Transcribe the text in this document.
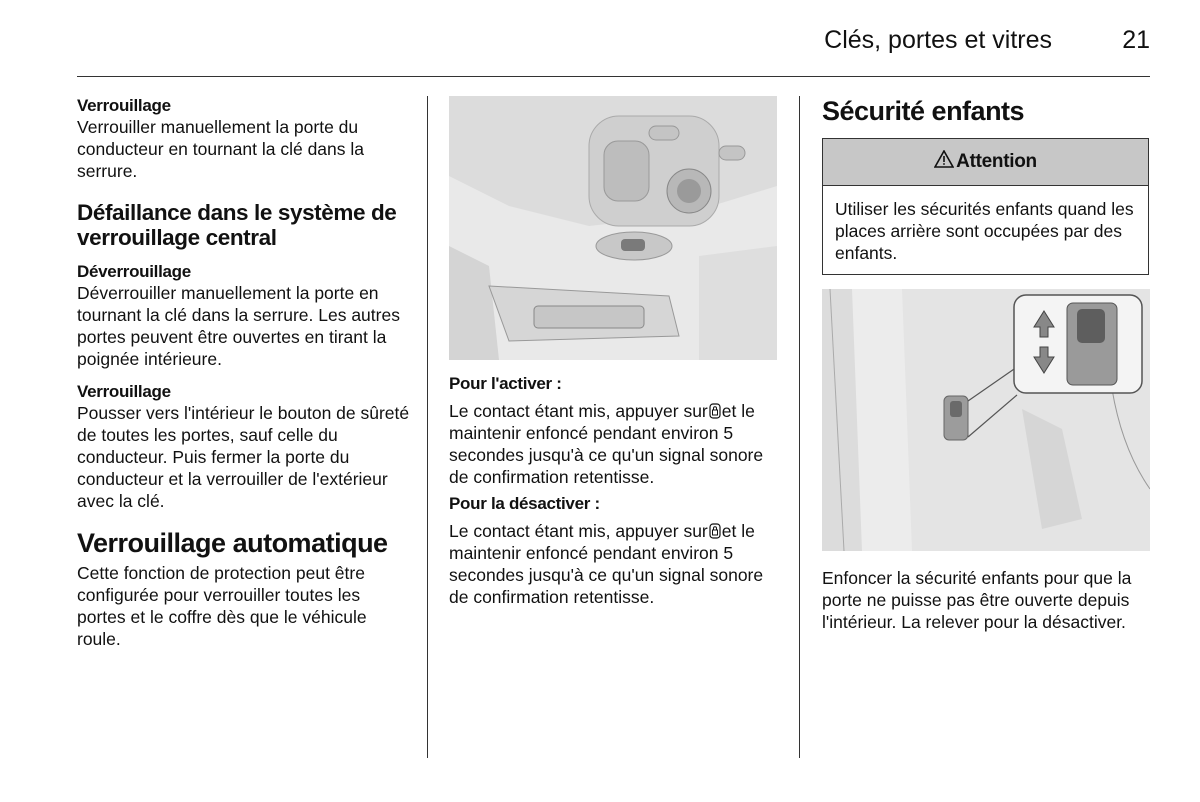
Clés, portes et vitres	21

Verrouillage

Verrouiller manuellement la porte du conducteur en tournant la clé dans la serrure.

Défaillance dans le système de verrouillage central

Déverrouillage

Déverrouiller manuellement la porte en tournant la clé dans la serrure. Les autres portes peuvent être ouvertes en tirant la poignée intérieure.

Verrouillage

Pousser vers l'intérieur le bouton de sûreté de toutes les portes, sauf celle du conducteur. Puis fermer la porte du conducteur et la verrouiller de l'extérieur avec la clé.

Verrouillage automatique

Cette fonction de protection peut être configurée pour verrouiller toutes les portes et le coffre dès que le véhicule roule.

Pour l'activer :

Le contact étant mis, appuyer sur et le maintenir enfoncé pendant environ 5 secondes jusqu'à ce qu'un signal sonore de confirmation retentisse.

Pour la désactiver :

Le contact étant mis, appuyer sur et le maintenir enfoncé pendant environ 5 secondes jusqu'à ce qu'un signal sonore de confirmation retentisse.

Sécurité enfants

Attention
Utiliser les sécurités enfants quand les places arrière sont occupées par des enfants.

Enfoncer la sécurité enfants pour que la porte ne puisse pas être ouverte depuis l'intérieur. La relever pour la désactiver.
